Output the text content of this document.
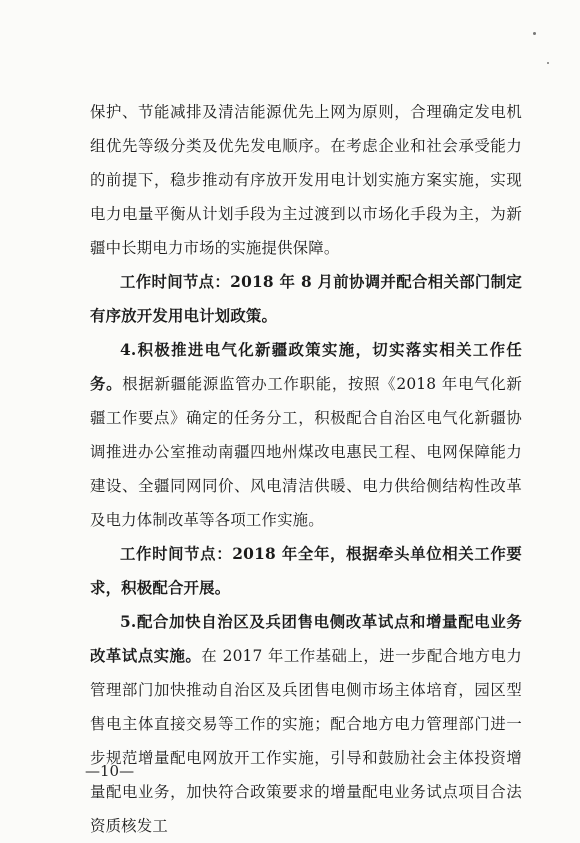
保护、节能减排及清洁能源优先上网为原则，合理确定发电机组优先等级分类及优先发电顺序。在考虑企业和社会承受能力的前提下，稳步推动有序放开发用电计划实施方案实施，实现电力电量平衡从计划手段为主过渡到以市场化手段为主，为新疆中长期电力市场的实施提供保障。

工作时间节点：2018 年 8 月前协调并配合相关部门制定有序放开发用电计划政策。

4.积极推进电气化新疆政策实施，切实落实相关工作任务。根据新疆能源监管办工作职能，按照《2018 年电气化新疆工作要点》确定的任务分工，积极配合自治区电气化新疆协调推进办公室推动南疆四地州煤改电惠民工程、电网保障能力建设、全疆同网同价、风电清洁供暖、电力供给侧结构性改革及电力体制改革等各项工作实施。

工作时间节点：2018 年全年，根据牵头单位相关工作要求，积极配合开展。

5.配合加快自治区及兵团售电侧改革试点和增量配电业务改革试点实施。在 2017 年工作基础上，进一步配合地方电力管理部门加快推动自治区及兵团售电侧市场主体培育，园区型售电主体直接交易等工作的实施；配合地方电力管理部门进一步规范增量配电网放开工作实施，引导和鼓励社会主体投资增量配电业务，加快符合政策要求的增量配电业务试点项目合法资质核发工

—10—
